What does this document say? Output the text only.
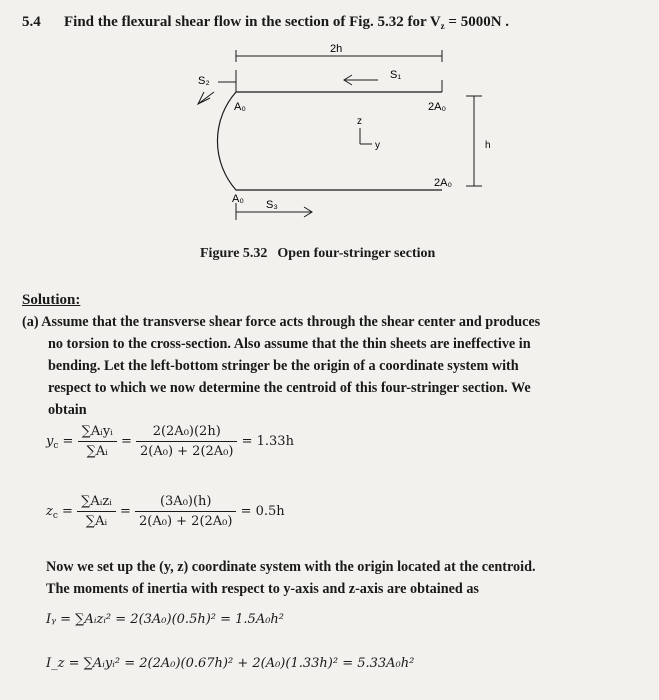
5.4 Find the flexural shear flow in the section of Fig. 5.32 for $V_z = 5000N$ .
2h
S₁
S₂
A₀	2A₀
A₀
2A₀
z
y	h
S₃
Figure 5.32 Open four-stringer section
Solution:
(a) Assume that the transverse shear force acts through the shear center and produces
no torsion to the cross-section. Also assume that the thin sheets are ineffective in
bending. Let the left-bottom stringer be the origin of a coordinate system with
respect to which we now determine the centroid of this four-stringer section. We
obtain
$y_c = \frac{\text{∑Aᵢyᵢ}}{\text{∑Aᵢ}} = \frac{\text{2(2A₀)(2h)}}{\text{2(A₀) + 2(2A₀)}} = 1.33h$
$z_c = \frac{\text{∑Aᵢzᵢ}}{\text{∑Aᵢ}} = \frac{\text{(3A₀)(h)}}{\text{2(A₀) + 2(2A₀)}} = 0.5h$
Now we set up the (y, z) coordinate system with the origin located at the centroid.
The moments of inertia with respect to y-axis and z-axis are obtained as
Iᵧ = ∑Aᵢzᵢ² = 2(3A₀)(0.5h)² = 1.5A₀h²
I_z = ∑Aᵢyᵢ² = 2(2A₀)(0.67h)² + 2(A₀)(1.33h)² = 5.33A₀h²
